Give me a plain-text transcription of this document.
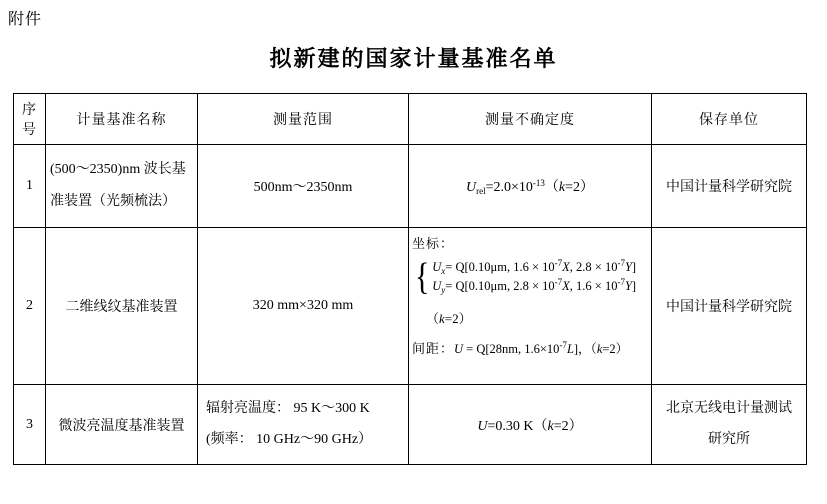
附件
拟新建的国家计量基准名单
序号	计量基准名称	测量范围	测量不确定度	保存单位
1	(500～2350)nm 波长基准装置（光频梳法）	500nm～2350nm	$U_{rel}=2.0\times 10^{-13}(k=2)$	中国计量科学研究院
2	二维线纹基准装置	320 mm×320 mm	
坐标：
{ $U_x= Q[0.10\mu m$, $1.6 \times 10^{-7}X$, $2.8 \times 10^{-7}Y$]
$U_y= Q[0.10\mu m$, $2.8 \times 10^{-7}X$, $1.6 \times 10^{-7}Y$]
（k=2）
间距：U = Q[28nm, $1.6\times 10^{-7}L$]，（k=2）
	中国计量科学研究院
3	微波亮温度基准装置	辐射亮温度： 95 K～300 K
(频率： 10 GHz～90 GHz）	U=0.30 K（k=2）	北京无线电计量测试研究所
